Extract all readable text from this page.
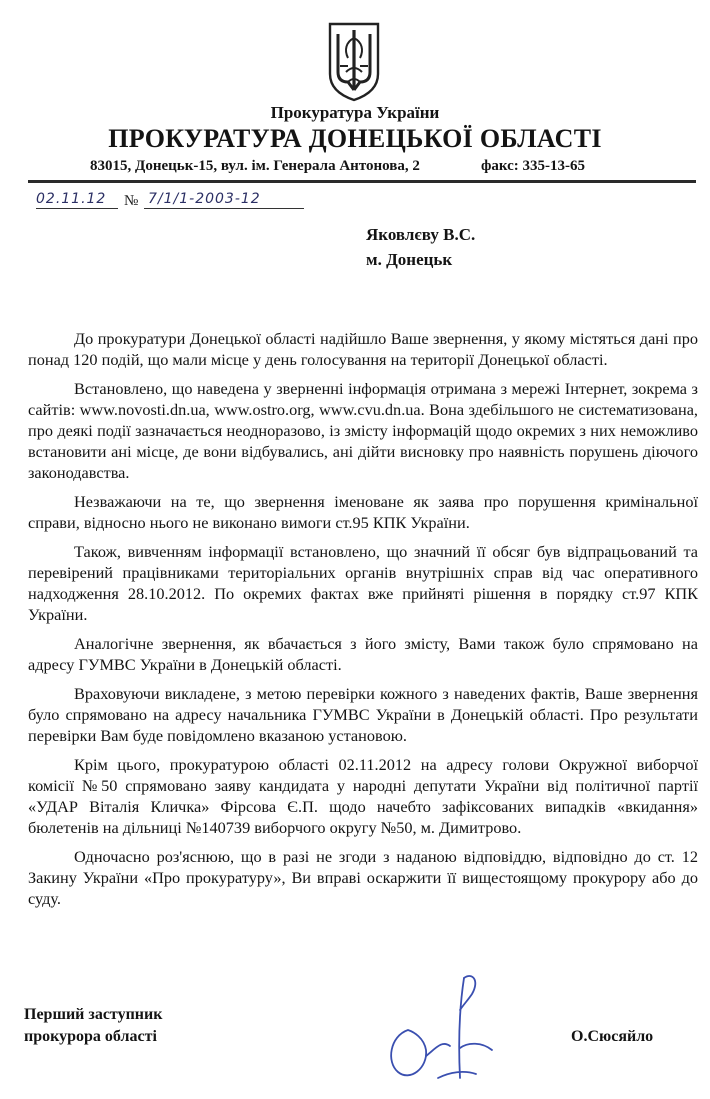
Прокуратура України
ПРОКУРАТУРА ДОНЕЦЬКОЇ ОБЛАСТІ
83015, Донецьк-15, вул. ім. Генерала Антонова, 2	факс: 335-13-65
02.11.12 № 7/1/1-2003-12
Яковлєву В.С.
м. Донецьк

До прокуратури Донецької області надійшло Ваше звернення, у якому містяться дані про понад 120 подій, що мали місце у день голосування на території Донецької області.

Встановлено, що наведена у зверненні інформація отримана з мережі Інтернет, зокрема з сайтів: www.novosti.dn.ua, www.ostro.org, www.cvu.dn.ua. Вона здебільшого не систематизована, про деякі події зазначається неодноразово, із змісту інформацій щодо окремих з них неможливо встановити ані місце, де вони відбувались, ані дійти висновку про наявність порушень діючого законодавства.

Незважаючи на те, що звернення іменоване як заява про порушення кримінальної справи, відносно нього не виконано вимоги ст.95 КПК України.

Також, вивченням інформації встановлено, що значний її обсяг був відпрацьований та перевірений працівниками територіальних органів внутрішніх справ від час оперативного надходження 28.10.2012. По окремих фактах вже прийняті рішення в порядку ст.97 КПК України.

Аналогічне звернення, як вбачається з його змісту, Вами також було спрямовано на адресу ГУМВС України в Донецькій області.

Враховуючи викладене, з метою перевірки кожного з наведених фактів, Ваше звернення було спрямовано на адресу начальника ГУМВС України в Донецькій області. Про результати перевірки Вам буде повідомлено вказаною установою.

Крім цього, прокуратурою області 02.11.2012 на адресу голови Окружної виборчої комісії №50 спрямовано заяву кандидата у народні депутати України від політичної партії «УДАР Віталія Кличка» Фірсова Є.П. щодо начебто зафіксованих випадків «вкидання» бюлетенів на дільниці №140739 виборчого округу №50, м. Димитрово.

Одночасно роз'яснюю, що в разі не згоди з наданою відповіддю, відповідно до ст. 12 Закину України «Про прокуратуру», Ви вправі оскаржити її вищестоящому прокурору або до суду.

Перший заступник
прокурора області	О.Сюсяйло
